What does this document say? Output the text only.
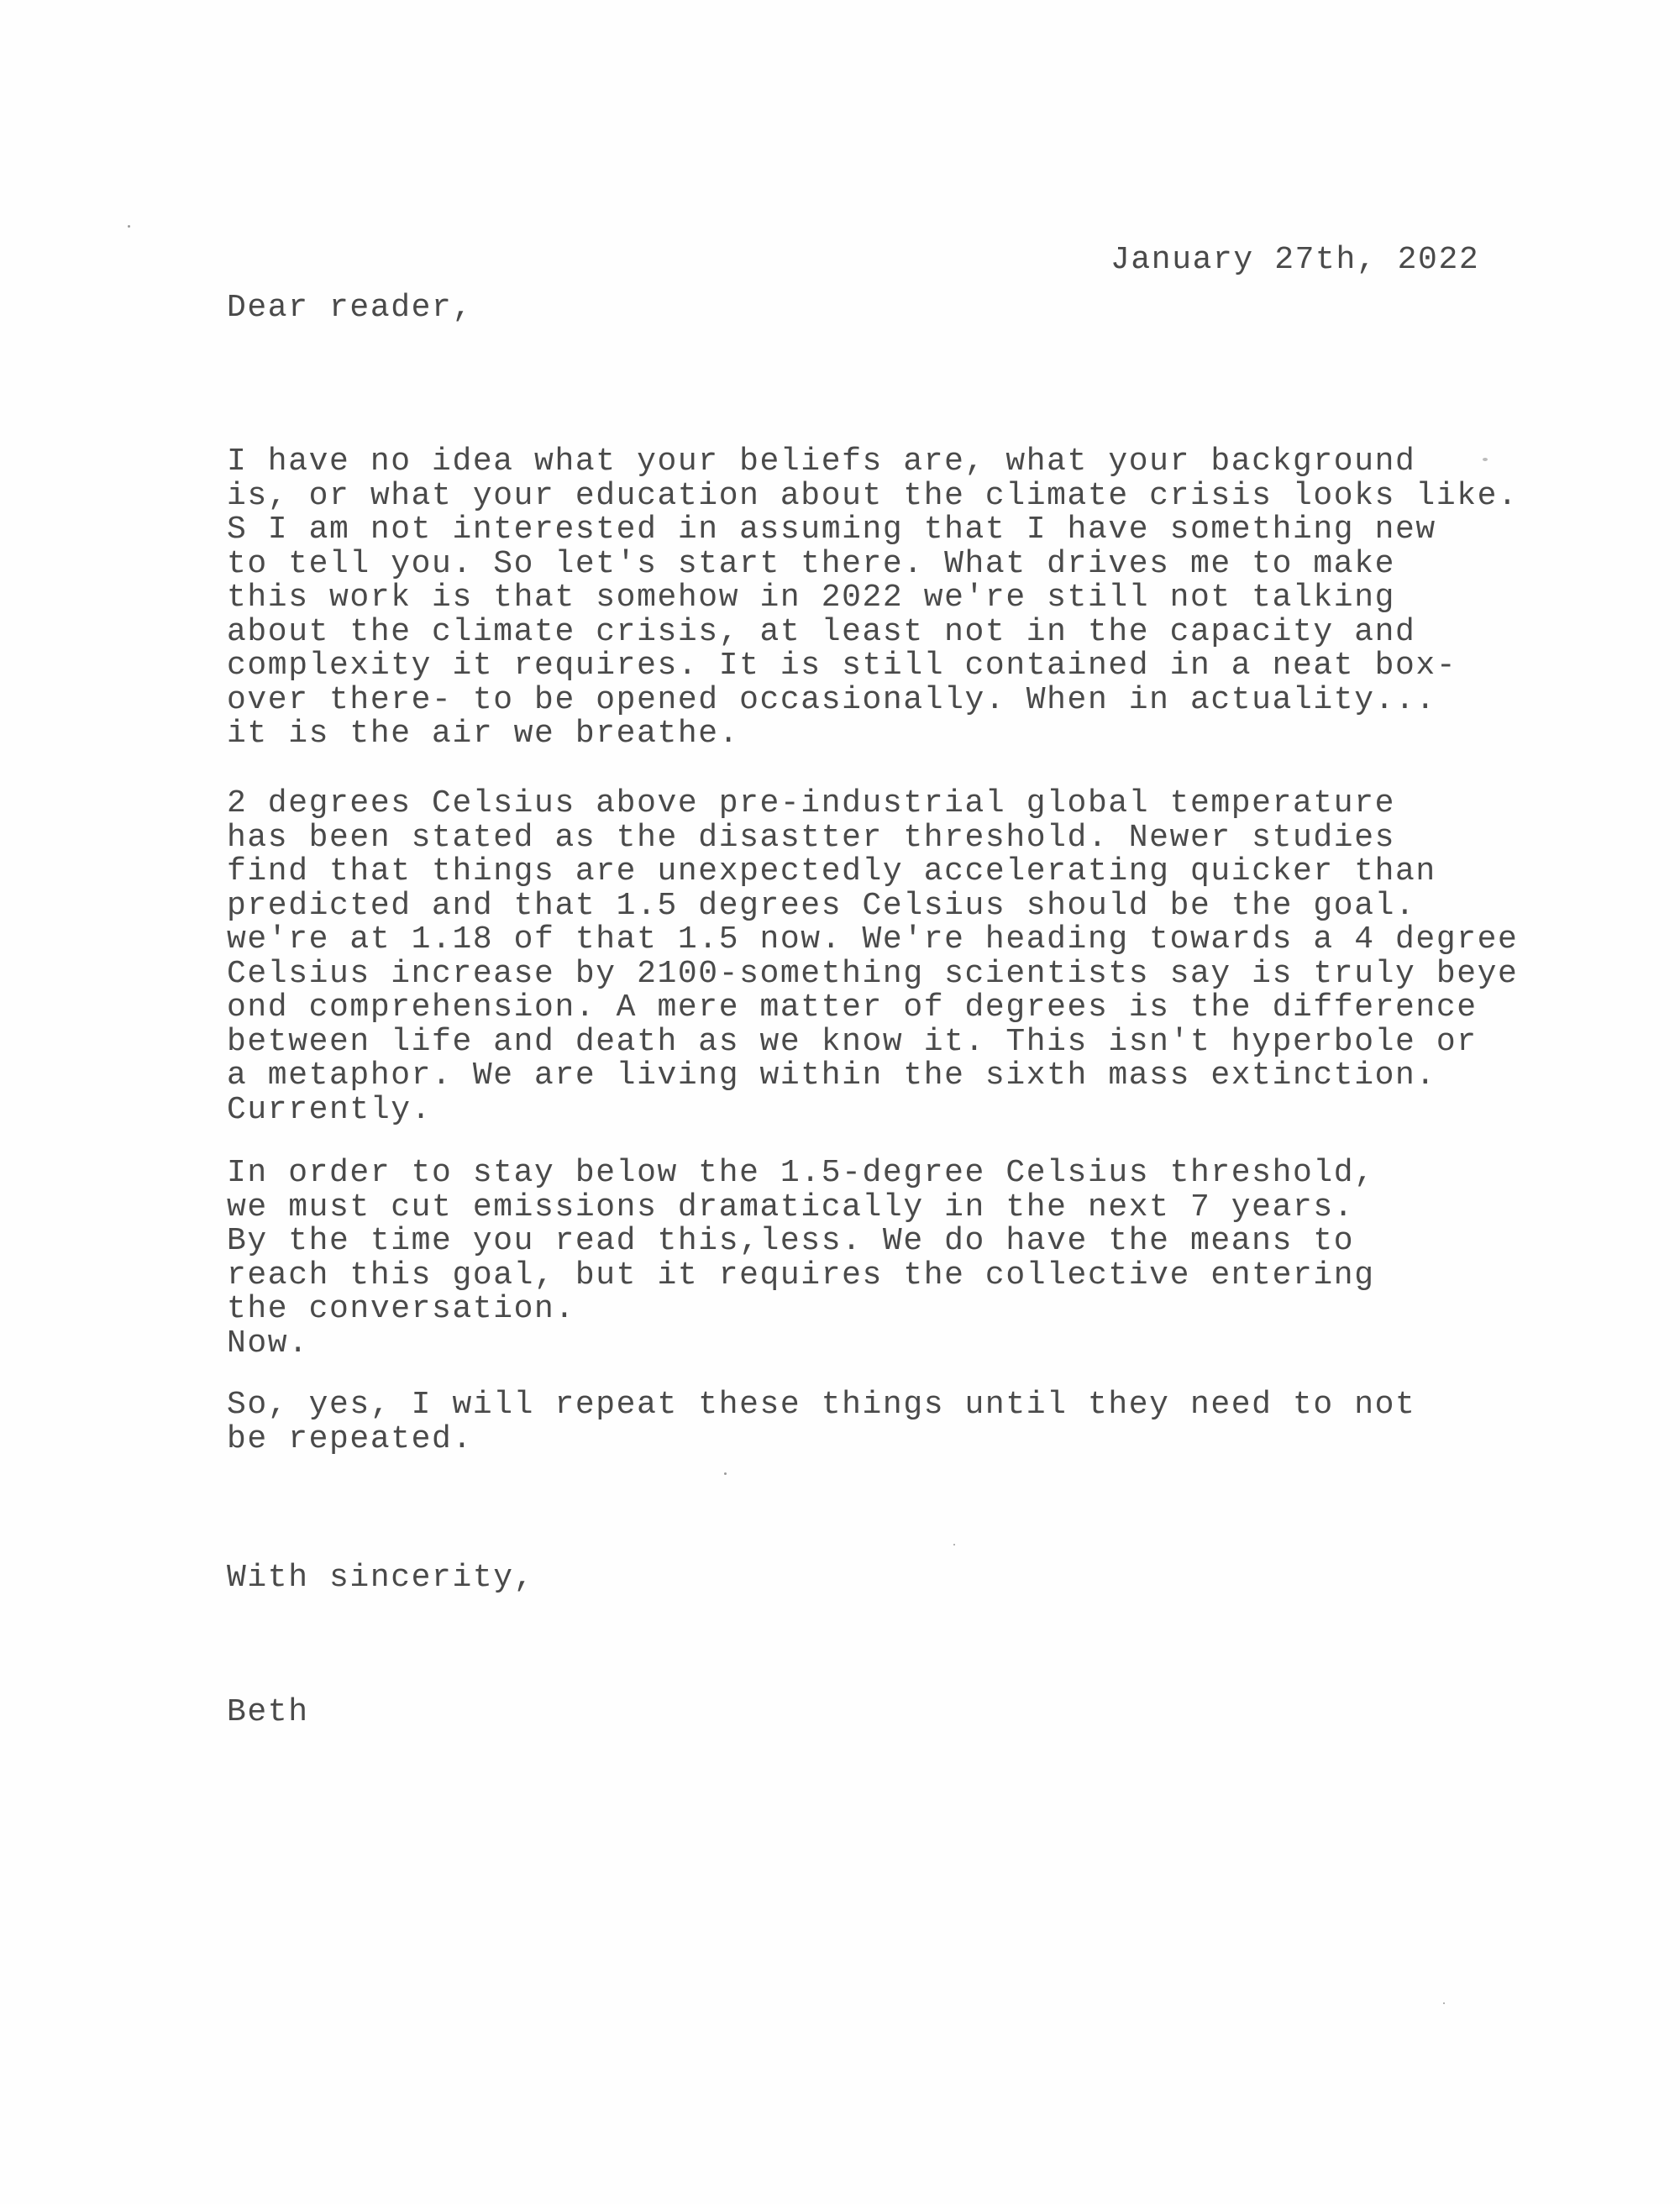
January 27th, 2022
Dear reader,
I have no idea what your beliefs are, what your background
is, or what your education about the climate crisis looks like.
S I am not interested in assuming that I have something new
to tell you. So let's start there. What drives me to make
this work is that somehow in 2022 we're still not talking
about the climate crisis, at least not in the capacity and
complexity it requires. It is still contained in a neat box-
over there- to be opened occasionally. When in actuality...
it is the air we breathe.
2 degrees Celsius above pre-industrial global temperature
has been stated as the disastter threshold. Newer studies
find that things are unexpectedly accelerating quicker than
predicted and that 1.5 degrees Celsius should be the goal.
we're at 1.18 of that 1.5 now. We're heading towards a 4 degree
Celsius increase by 2100-something scientists say is truly beye
ond comprehension. A mere matter of degrees is the difference
between life and death as we know it. This isn't hyperbole or
a metaphor. We are living within the sixth mass extinction.
Currently.
In order to stay below the 1.5-degree Celsius threshold,
we must cut emissions dramatically in the next 7 years.
By the time you read this,less. We do have the means to
reach this goal, but it requires the collective entering
the conversation.
Now.
So, yes, I will repeat these things until they need to not
be repeated.
With sincerity,
Beth
